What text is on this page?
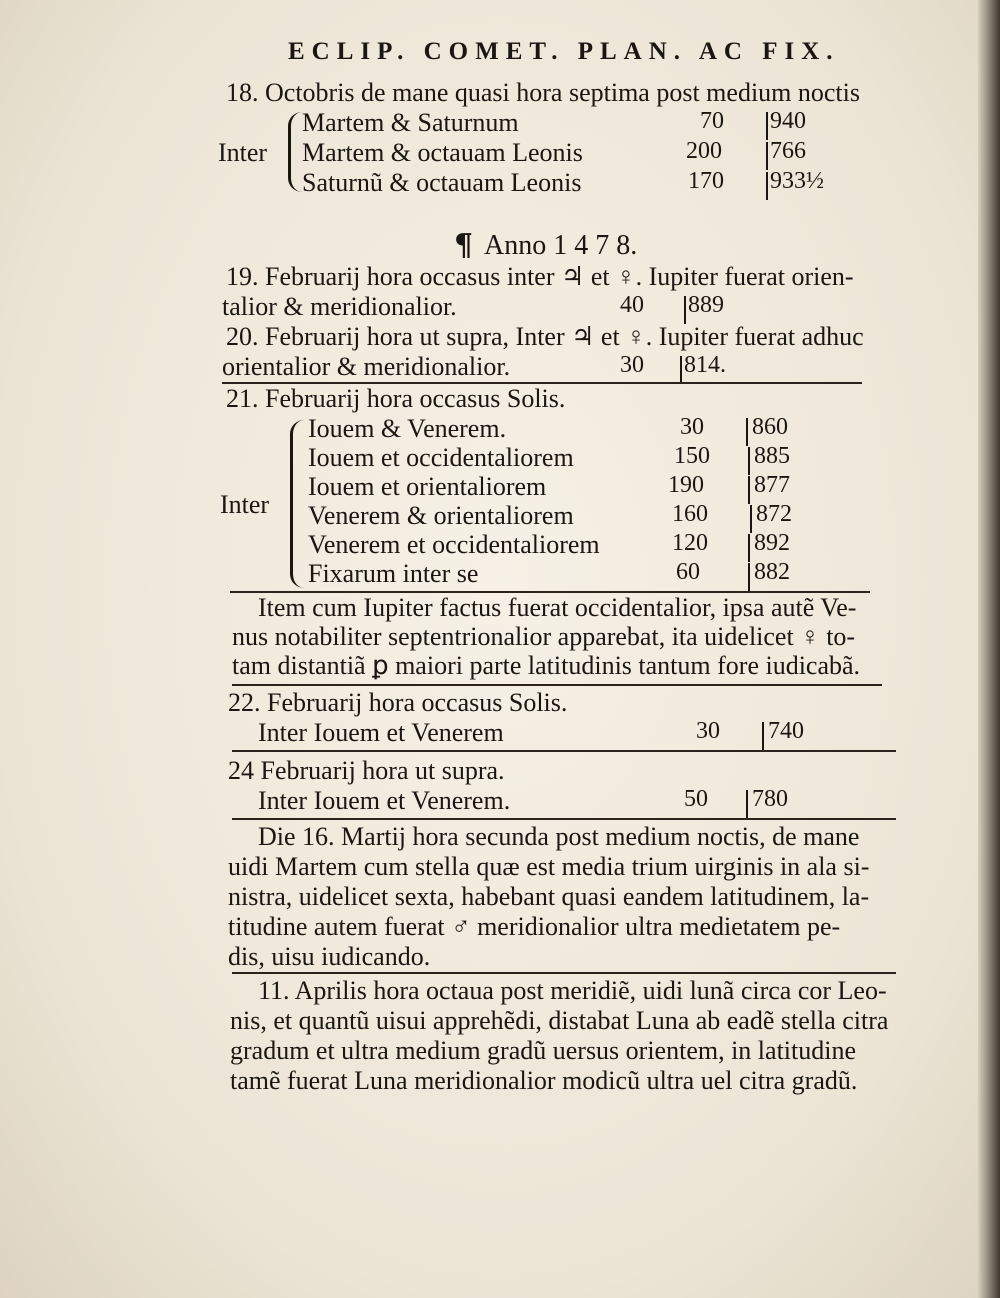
ECLIP. COMET. PLAN. AC FIX.
18. Octobris de mane quasi hora septima post medium noctis
Inter
Martem & Saturnum	70 940
Martem & octauam Leonis	200 766
Saturnũ & octauam Leonis	170 933½
¶ Anno 1 4 7 8.
19. Februarij hora occasus inter ♃ et ♀. Iupiter fuerat orien-
talior & meridionalior.	40 889
20. Februarij hora ut supra, Inter ♃ et ♀. Iupiter fuerat adhuc
orientalior & meridionalior.	30 814.
21. Februarij hora occasus Solis.
Inter
Iouem & Venerem.	30 860
Iouem et occidentaliorem	150 885
Iouem et orientaliorem	190 877
Venerem & orientaliorem	160 872
Venerem et occidentaliorem	120 892
Fixarum inter se	60 882
Item cum Iupiter factus fuerat occidentalior, ipsa autẽ Ve-
nus notabiliter septentrionalior apparebat, ita uidelicet ♀ to-
tam distantiã ꝑ maiori parte latitudinis tantum fore iudicabã.
22. Februarij hora occasus Solis.
Inter Iouem et Venerem	30 740
24 Februarij hora ut supra.
Inter Iouem et Venerem.	50 780
Die 16. Martij hora secunda post medium noctis, de mane
uidi Martem cum stella quæ est media trium uirginis in ala si-
nistra, uidelicet sexta, habebant quasi eandem latitudinem, la-
titudine autem fuerat ♂ meridionalior ultra medietatem pe-
dis, uisu iudicando.
11. Aprilis hora octaua post meridiẽ, uidi lunã circa cor Leo-
nis, et quantũ uisui apprehẽdi, distabat Luna ab eadẽ stella citra
gradum et ultra medium gradũ uersus orientem, in latitudine
tamẽ fuerat Luna meridionalior modicũ ultra uel citra gradũ.
